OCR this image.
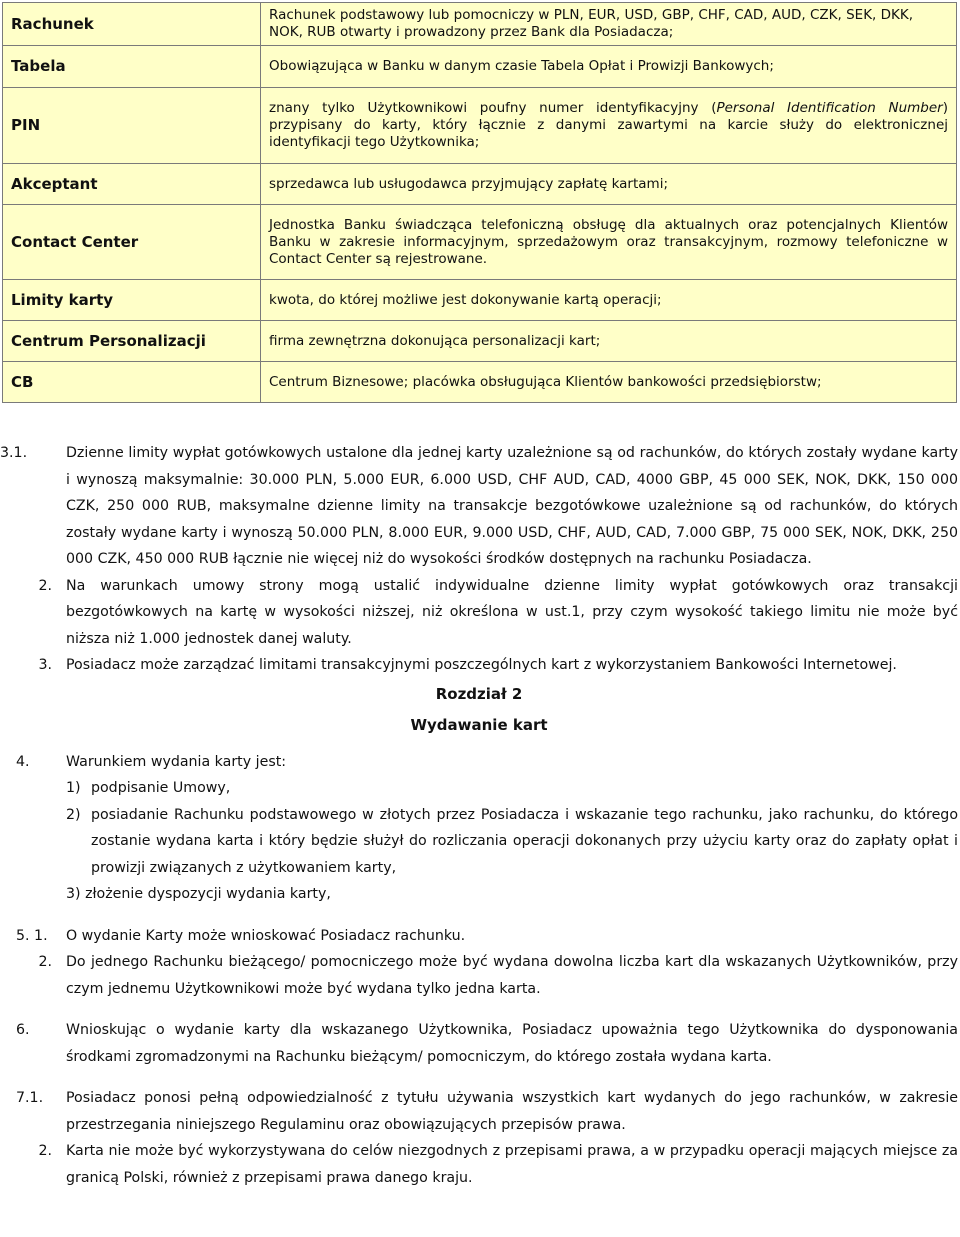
Rachunek	Rachunek podstawowy lub pomocniczy w PLN, EUR, USD, GBP, CHF, CAD, AUD, CZK, SEK, DKK, NOK, RUB otwarty i prowadzony przez Bank dla Posiadacza;
Tabela	Obowiązująca w Banku w danym czasie Tabela Opłat i Prowizji Bankowych;
PIN	znany tylko Użytkownikowi poufny numer identyfikacyjny (Personal Identification Number) przypisany do karty, który łącznie z danymi zawartymi na karcie służy do elektronicznej identyfikacji tego Użytkownika;
Akceptant	sprzedawca lub usługodawca przyjmujący zapłatę kartami;
Contact Center	Jednostka Banku świadcząca telefoniczną obsługę dla aktualnych oraz potencjalnych Klientów Banku w zakresie informacyjnym, sprzedażowym oraz transakcyjnym, rozmowy telefoniczne w Contact Center są rejestrowane.
Limity karty	kwota, do której możliwe jest dokonywanie kartą operacji;
Centrum Personalizacji	firma zewnętrzna dokonująca personalizacji kart;
CB	Centrum Biznesowe; placówka obsługująca Klientów bankowości przedsiębiorstw;
3.1.	Dzienne limity wypłat gotówkowych ustalone dla jednej karty uzależnione są od rachunków, do których zostały wydane karty i wynoszą maksymalnie: 30.000 PLN, 5.000 EUR, 6.000 USD, CHF AUD, CAD, 4000 GBP, 45 000 SEK, NOK, DKK, 150 000 CZK, 250 000 RUB, maksymalne dzienne limity na transakcje bezgotówkowe uzależnione są od rachunków, do których zostały wydane karty i wynoszą 50.000 PLN, 8.000 EUR, 9.000 USD, CHF, AUD, CAD, 7.000 GBP, 75 000 SEK, NOK, DKK, 250 000 CZK, 450 000 RUB łącznie nie więcej niż do wysokości środków dostępnych na rachunku Posiadacza.
2. Na warunkach umowy strony mogą ustalić indywidualne dzienne limity wypłat gotówkowych oraz transakcji bezgotówkowych na kartę w wysokości niższej, niż określona w ust.1, przy czym wysokość takiego limitu nie może być niższa niż 1.000 jednostek danej waluty.
3. Posiadacz może zarządzać limitami transakcyjnymi poszczególnych kart z wykorzystaniem Bankowości Internetowej.
Rozdział 2
Wydawanie kart
4.	Warunkiem wydania karty jest:
1) podpisanie Umowy,
2) posiadanie Rachunku podstawowego w złotych przez Posiadacza i wskazanie tego rachunku, jako rachunku, do którego zostanie wydana karta i który będzie służył do rozliczania operacji dokonanych przy użyciu karty oraz do zapłaty opłat i prowizji związanych z użytkowaniem karty,
3) złożenie dyspozycji wydania karty,
5. 1.	O wydanie Karty może wnioskować Posiadacz rachunku.
2. Do jednego Rachunku bieżącego/ pomocniczego może być wydana dowolna liczba kart dla wskazanych Użytkowników, przy czym jednemu Użytkownikowi może być wydana tylko jedna karta.
6.	Wnioskując o wydanie karty dla wskazanego Użytkownika, Posiadacz upoważnia tego Użytkownika do dysponowania środkami zgromadzonymi na Rachunku bieżącym/ pomocniczym, do którego została wydana karta.
7.1.	Posiadacz ponosi pełną odpowiedzialność z tytułu używania wszystkich kart wydanych do jego rachunków, w zakresie przestrzegania niniejszego Regulaminu oraz obowiązujących przepisów prawa.
2. Karta nie może być wykorzystywana do celów niezgodnych z przepisami prawa, a w przypadku operacji mających miejsce za granicą Polski, również z przepisami prawa danego kraju.
